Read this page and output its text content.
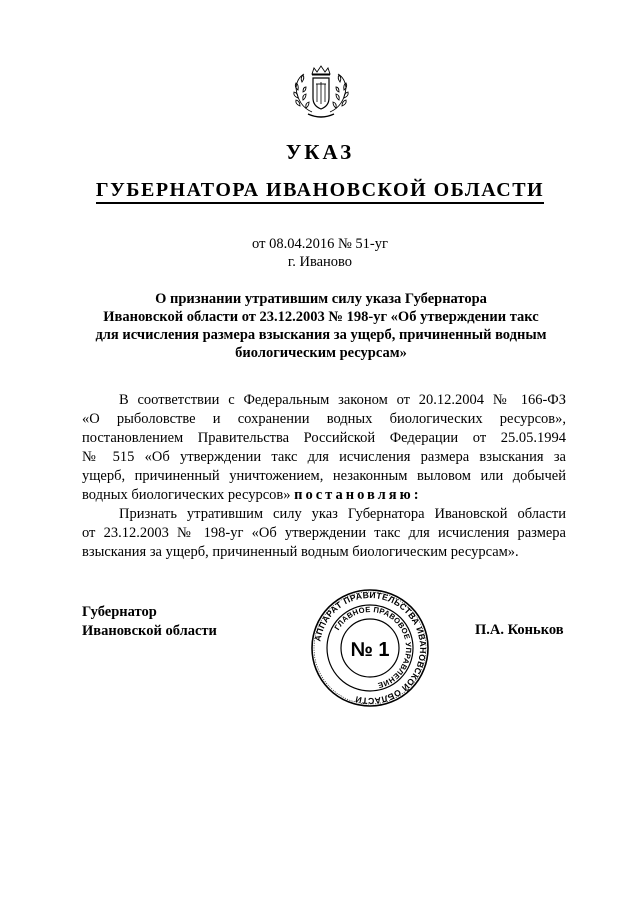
УКАЗ
ГУБЕРНАТОРА ИВАНОВСКОЙ ОБЛАСТИ
от 08.04.2016 № 51-уг
г. Иваново
О признании утратившим силу указа Губернатора
Ивановской области от 23.12.2003 № 198-уг «Об утверждении такс
для исчисления размера взыскания за ущерб, причиненный водным
биологическим ресурсам»
В соответствии с Федеральным законом от 20.12.2004 № 166-ФЗ
«О рыболовстве и сохранении водных биологических ресурсов»,
постановлением Правительства Российской Федерации от 25.05.1994
№ 515 «Об утверждении такс для исчисления размера взыскания за
ущерб, причиненный уничтожением, незаконным выловом или добычей
водных биологических ресурсов» постановляю:
Признать утратившим силу указ Губернатора Ивановской области
от 23.12.2003 № 198-уг «Об утверждении такс для исчисления размера
взыскания за ущерб, причиненный водным биологическим ресурсам».
Губернатор
Ивановской области	П.А. Коньков
АППАРАТ ПРАВИТЕЛЬСТВА ИВАНОВСКОЙ ОБЛАСТИ
ГЛАВНОЕ ПРАВОВОЕ УПРАВЛЕНИЕ
№ 1
